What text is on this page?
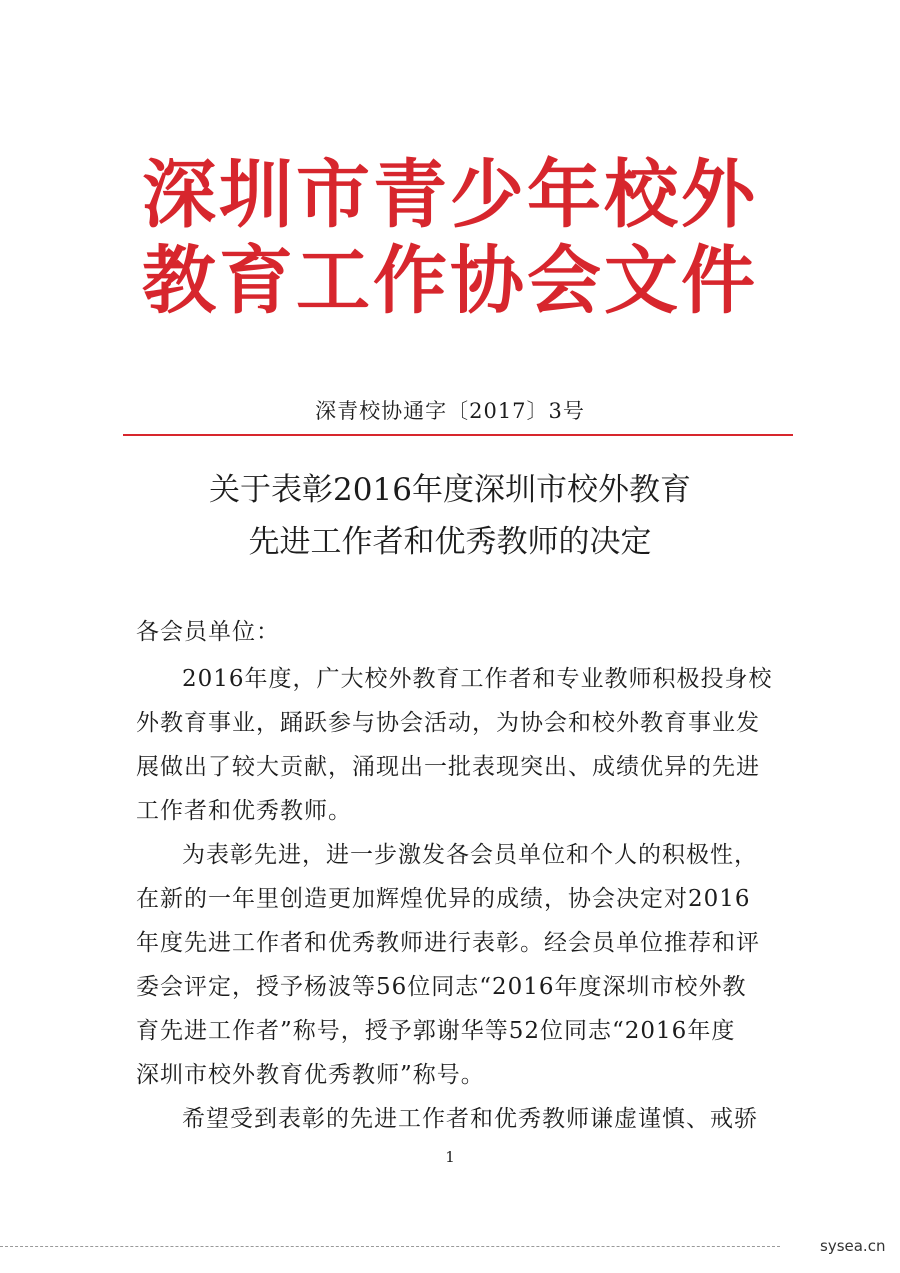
深圳市青少年校外
教育工作协会文件
深青校协通字〔2017〕3号
关于表彰2016年度深圳市校外教育
先进工作者和优秀教师的决定
各会员单位：
2016年度，广大校外教育工作者和专业教师积极投身校
外教育事业，踊跃参与协会活动，为协会和校外教育事业发
展做出了较大贡献，涌现出一批表现突出、成绩优异的先进
工作者和优秀教师。
为表彰先进，进一步激发各会员单位和个人的积极性，
在新的一年里创造更加辉煌优异的成绩，协会决定对2016
年度先进工作者和优秀教师进行表彰。经会员单位推荐和评
委会评定，授予杨波等56位同志“2016年度深圳市校外教
育先进工作者”称号，授予郭谢华等52位同志“2016年度
深圳市校外教育优秀教师”称号。
希望受到表彰的先进工作者和优秀教师谦虚谨慎、戒骄
1
sysea.cn
